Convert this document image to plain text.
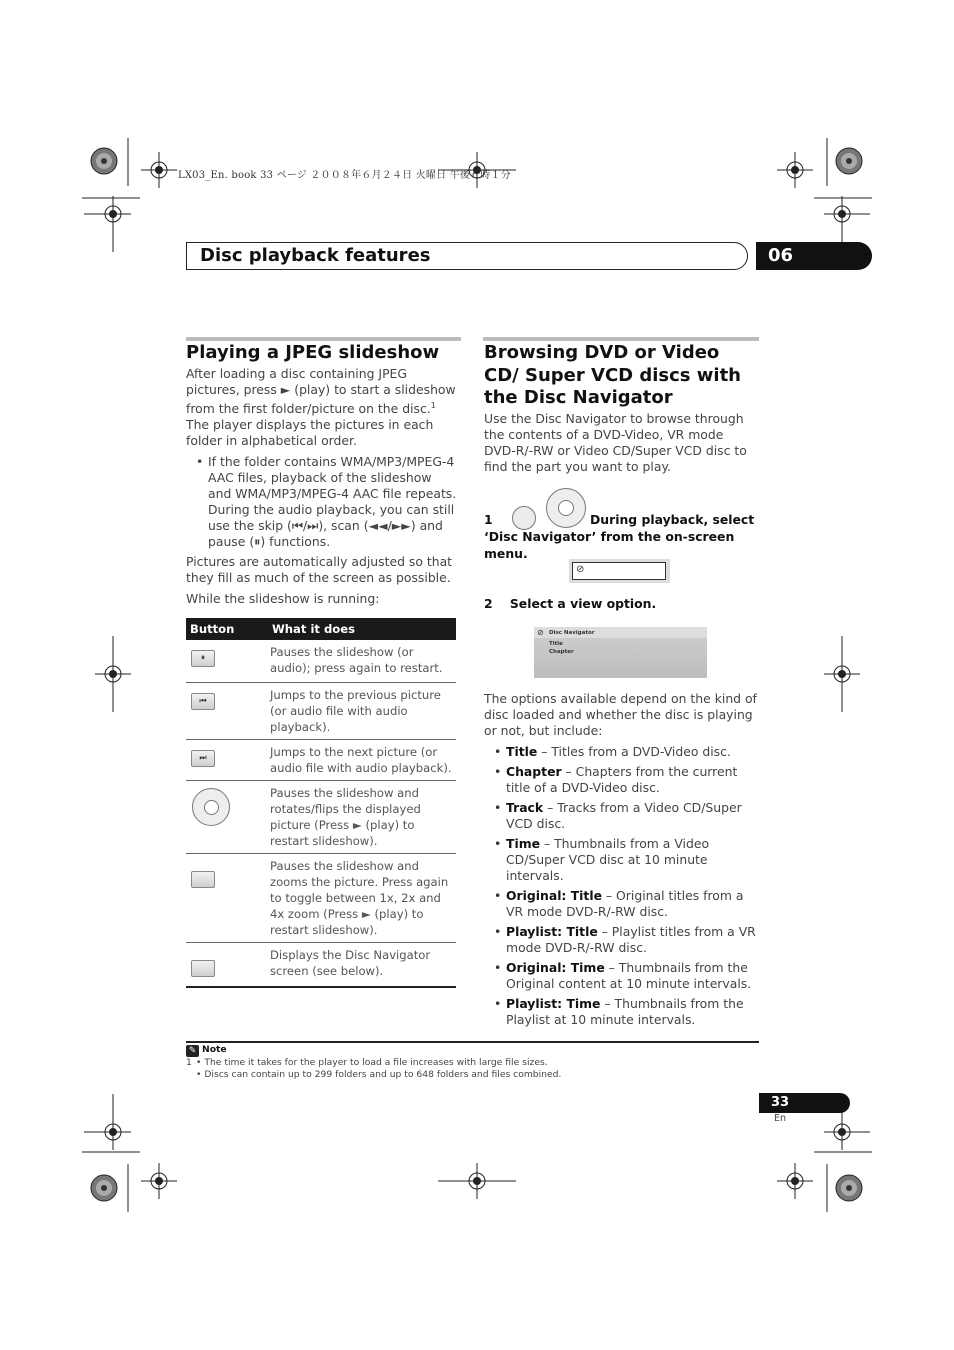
LX03_En. book 33 ページ ２００８年６月２４日 火曜日 午後６時１分
Disc playback features	06
Playing a JPEG slideshow

After loading a disc containing JPEG pictures, press ► (play) to start a slideshow from the first folder/picture on the disc.$^1$ The player displays the pictures in each folder in alphabetical order.

• If the folder contains WMA/MP3/MPEG-4 AAC files, playback of the slideshow and WMA/MP3/MPEG-4 AAC file repeats. During the audio playback, you can still use the skip (⏮/⏭), scan (◄◄/►►) and pause (⏸) functions.

Pictures are automatically adjusted so that they fill as much of the screen as possible.

While the slideshow is running:

Button	What it does

⏸	Pauses the slideshow (or audio); press again to restart.

⏮	Jumps to the previous picture (or audio file with audio playback).

⏭	Jumps to the next picture (or audio file with audio playback).

	Pauses the slideshow and rotates/flips the displayed picture (Press ► (play) to restart slideshow).

	Pauses the slideshow and zooms the picture. Press again to toggle between 1x, 2x and 4x zoom (Press ► (play) to restart slideshow).

	Displays the Disc Navigator screen (see below).
Browsing DVD or Video CD/ Super VCD discs with the Disc Navigator

Use the Disc Navigator to browse through the contents of a DVD-Video, VR mode DVD-R/-RW or Video CD/Super VCD disc to find the part you want to play.

1	During playback, select ‘Disc Navigator’ from the on-screen menu.
⊘
2    Select a view option.
⊘ Disc Navigator
Title
Chapter

The options available depend on the kind of disc loaded and whether the disc is playing or not, but include:

• Title – Titles from a DVD-Video disc.
• Chapter – Chapters from the current title of a DVD-Video disc.
• Track – Tracks from a Video CD/Super VCD disc.
• Time – Thumbnails from a Video CD/Super VCD disc at 10 minute intervals.
• Original: Title – Original titles from a VR mode DVD-R/-RW disc.
• Playlist: Title – Playlist titles from a VR mode DVD-R/-RW disc.
• Original: Time – Thumbnails from the Original content at 10 minute intervals.
• Playlist: Time – Thumbnails from the Playlist at 10 minute intervals.
✎ Note
1 • The time it takes for the player to load a file increases with large file sizes.
• Discs can contain up to 299 folders and up to 648 folders and files combined.
33
En
